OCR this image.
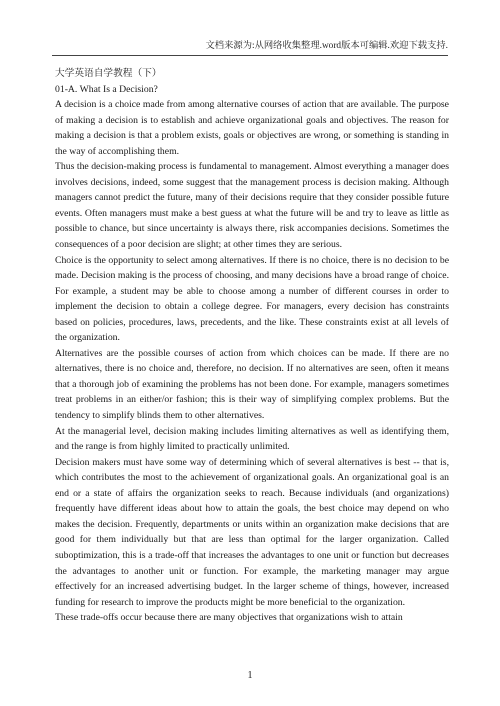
文档来源为:从网络收集整理.word版本可编辑.欢迎下载支持.

大学英语自学教程（下）

01-A. What Is a Decision?

A decision is a choice made from among alternative courses of action that are available. The purpose of making a decision is to establish and achieve organizational goals and objectives. The reason for making a decision is that a problem exists, goals or objectives are wrong, or something is standing in the way of accomplishing them.

Thus the decision-making process is fundamental to management. Almost everything a manager does involves decisions, indeed, some suggest that the management process is decision making. Although managers cannot predict the future, many of their decisions require that they consider possible future events. Often managers must make a best guess at what the future will be and try to leave as little as possible to chance, but since uncertainty is always there, risk accompanies decisions. Sometimes the consequences of a poor decision are slight; at other times they are serious.

Choice is the opportunity to select among alternatives. If there is no choice, there is no decision to be made. Decision making is the process of choosing, and many decisions have a broad range of choice. For example, a student may be able to choose among a number of different courses in order to implement the decision to obtain a college degree. For managers, every decision has constraints based on policies, procedures, laws, precedents, and the like. These constraints exist at all levels of the organization.

Alternatives are the possible courses of action from which choices can be made. If there are no alternatives, there is no choice and, therefore, no decision. If no alternatives are seen, often it means that a thorough job of examining the problems has not been done. For example, managers sometimes treat problems in an either/or fashion; this is their way of simplifying complex problems. But the tendency to simplify blinds them to other alternatives.

At the managerial level, decision making includes limiting alternatives as well as identifying them, and the range is from highly limited to practically unlimited.

Decision makers must have some way of determining which of several alternatives is best -- that is, which contributes the most to the achievement of organizational goals. An organizational goal is an end or a state of affairs the organization seeks to reach. Because individuals (and organizations) frequently have different ideas about how to attain the goals, the best choice may depend on who makes the decision. Frequently, departments or units within an organization make decisions that are good for them individually but that are less than optimal for the larger organization. Called suboptimization, this is a trade-off that increases the advantages to one unit or function but decreases the advantages to another unit or function. For example, the marketing manager may argue effectively for an increased advertising budget. In the larger scheme of things, however, increased funding for research to improve the products might be more beneficial to the organization.

These trade-offs occur because there are many objectives that organizations wish to attain

1
